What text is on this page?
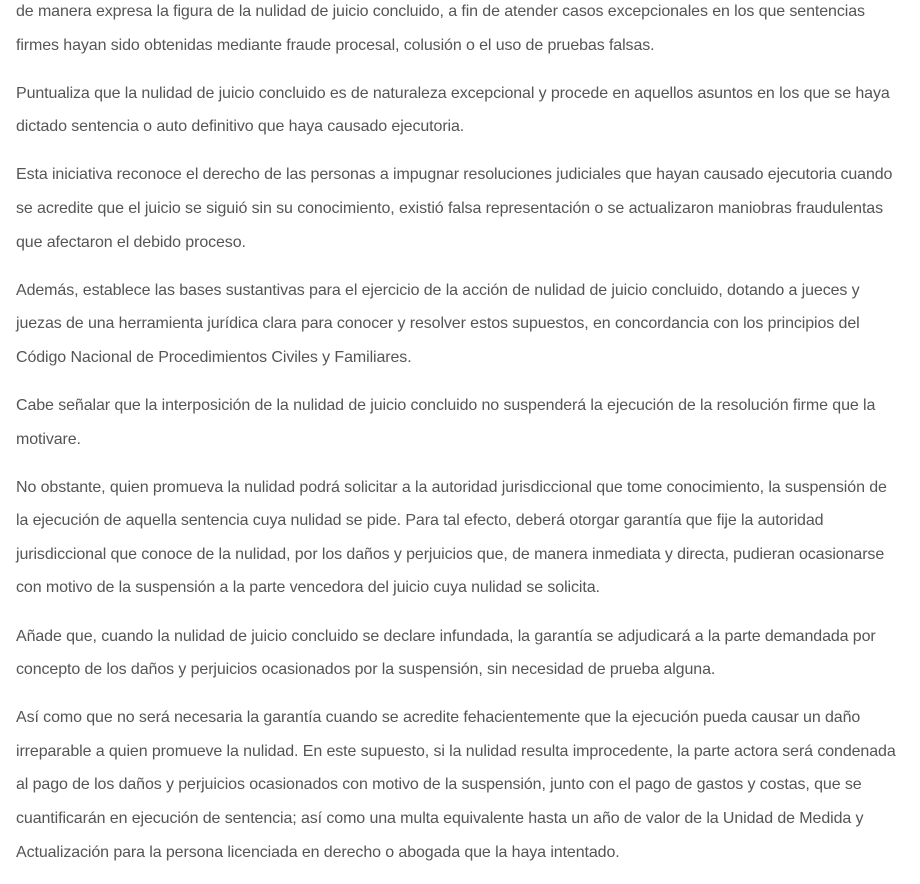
de manera expresa la figura de la nulidad de juicio concluido, a fin de atender casos excepcionales en los que sentencias firmes hayan sido obtenidas mediante fraude procesal, colusión o el uso de pruebas falsas.

Puntualiza que la nulidad de juicio concluido es de naturaleza excepcional y procede en aquellos asuntos en los que se haya dictado sentencia o auto definitivo que haya causado ejecutoria.

Esta iniciativa reconoce el derecho de las personas a impugnar resoluciones judiciales que hayan causado ejecutoria cuando se acredite que el juicio se siguió sin su conocimiento, existió falsa representación o se actualizaron maniobras fraudulentas que afectaron el debido proceso.

Además, establece las bases sustantivas para el ejercicio de la acción de nulidad de juicio concluido, dotando a jueces y juezas de una herramienta jurídica clara para conocer y resolver estos supuestos, en concordancia con los principios del Código Nacional de Procedimientos Civiles y Familiares.

Cabe señalar que la interposición de la nulidad de juicio concluido no suspenderá la ejecución de la resolución firme que la motivare.

No obstante, quien promueva la nulidad podrá solicitar a la autoridad jurisdiccional que tome conocimiento, la suspensión de la ejecución de aquella sentencia cuya nulidad se pide. Para tal efecto, deberá otorgar garantía que fije la autoridad jurisdiccional que conoce de la nulidad, por los daños y perjuicios que, de manera inmediata y directa, pudieran ocasionarse con motivo de la suspensión a la parte vencedora del juicio cuya nulidad se solicita.

Añade que, cuando la nulidad de juicio concluido se declare infundada, la garantía se adjudicará a la parte demandada por concepto de los daños y perjuicios ocasionados por la suspensión, sin necesidad de prueba alguna.

Así como que no será necesaria la garantía cuando se acredite fehacientemente que la ejecución pueda causar un daño irreparable a quien promueve la nulidad. En este supuesto, si la nulidad resulta improcedente, la parte actora será condenada al pago de los daños y perjuicios ocasionados con motivo de la suspensión, junto con el pago de gastos y costas, que se cuantificarán en ejecución de sentencia; así como una multa equivalente hasta un año de valor de la Unidad de Medida y Actualización para la persona licenciada en derecho o abogada que la haya intentado.
